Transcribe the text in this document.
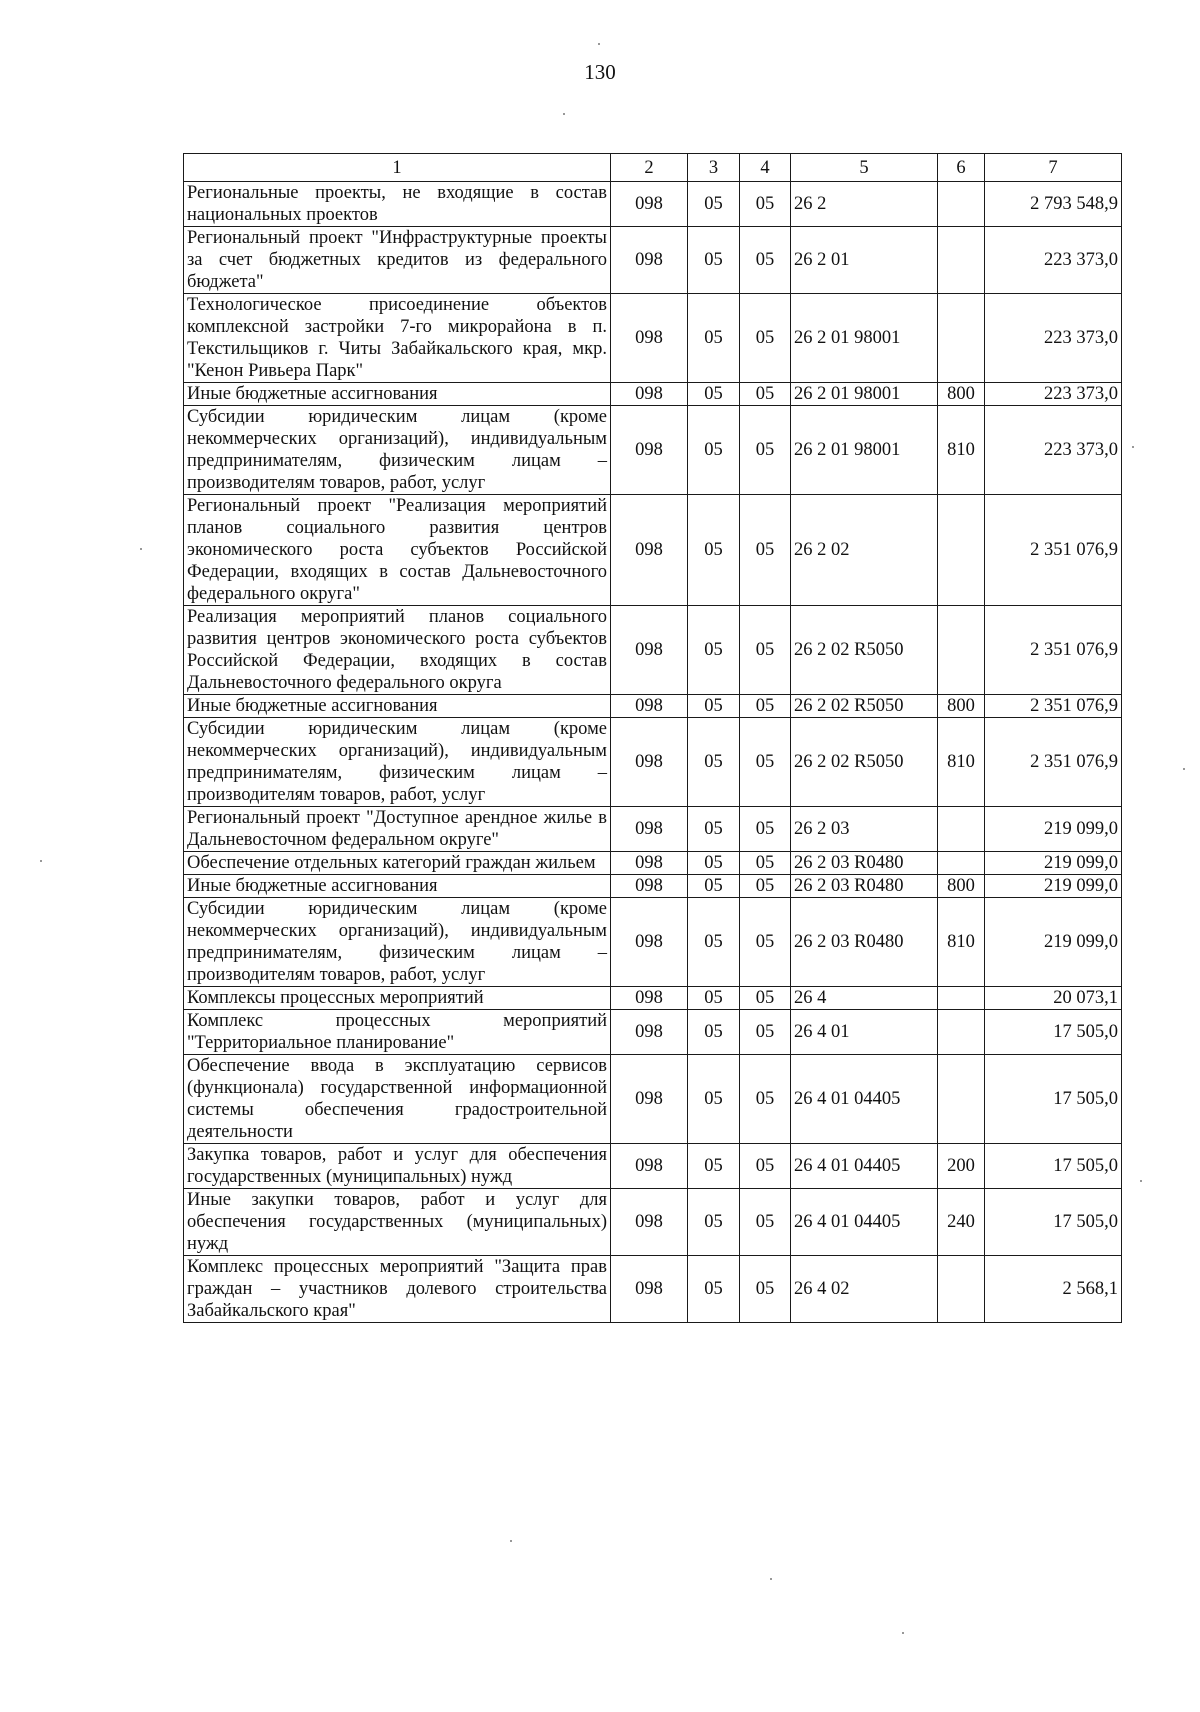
130
1	2	3	4	5	6	7
Региональные проекты, не входящие в состав национальных проектов	098	05	05	26 2		2 793 548,9
Региональный проект "Инфраструктурные проекты за счет бюджетных кредитов из федерального бюджета"	098	05	05	26 2 01		223 373,0
Технологическое присоединение объектов комплексной застройки 7-го микрорайона в п. Текстильщиков г. Читы Забайкальского края, мкр. "Кенон Ривьера Парк"	098	05	05	26 2 01 98001		223 373,0
Иные бюджетные ассигнования	098	05	05	26 2 01 98001	800	223 373,0
Субсидии юридическим лицам (кроме некоммерческих организаций), индивидуальным предпринимателям, физическим лицам – производителям товаров, работ, услуг	098	05	05	26 2 01 98001	810	223 373,0
Региональный проект "Реализация мероприятий планов социального развития центров экономического роста субъектов Российской Федерации, входящих в состав Дальневосточного федерального округа"	098	05	05	26 2 02		2 351 076,9
Реализация мероприятий планов социального развития центров экономического роста субъектов Российской Федерации, входящих в состав Дальневосточного федерального округа	098	05	05	26 2 02 R5050		2 351 076,9
Иные бюджетные ассигнования	098	05	05	26 2 02 R5050	800	2 351 076,9
Субсидии юридическим лицам (кроме некоммерческих организаций), индивидуальным предпринимателям, физическим лицам – производителям товаров, работ, услуг	098	05	05	26 2 02 R5050	810	2 351 076,9
Региональный проект "Доступное арендное жилье в Дальневосточном федеральном округе"	098	05	05	26 2 03		219 099,0
Обеспечение отдельных категорий граждан жильем	098	05	05	26 2 03 R0480		219 099,0
Иные бюджетные ассигнования	098	05	05	26 2 03 R0480	800	219 099,0
Субсидии юридическим лицам (кроме некоммерческих организаций), индивидуальным предпринимателям, физическим лицам – производителям товаров, работ, услуг	098	05	05	26 2 03 R0480	810	219 099,0
Комплексы процессных мероприятий	098	05	05	26 4		20 073,1
Комплекс процессных мероприятий "Территориальное планирование"	098	05	05	26 4 01		17 505,0
Обеспечение ввода в эксплуатацию сервисов (функционала) государственной информационной системы обеспечения градостроительной деятельности	098	05	05	26 4 01 04405		17 505,0
Закупка товаров, работ и услуг для обеспечения государственных (муниципальных) нужд	098	05	05	26 4 01 04405	200	17 505,0
Иные закупки товаров, работ и услуг для обеспечения государственных (муниципальных) нужд	098	05	05	26 4 01 04405	240	17 505,0
Комплекс процессных мероприятий "Защита прав граждан – участников долевого строительства Забайкальского края"	098	05	05	26 4 02		2 568,1
